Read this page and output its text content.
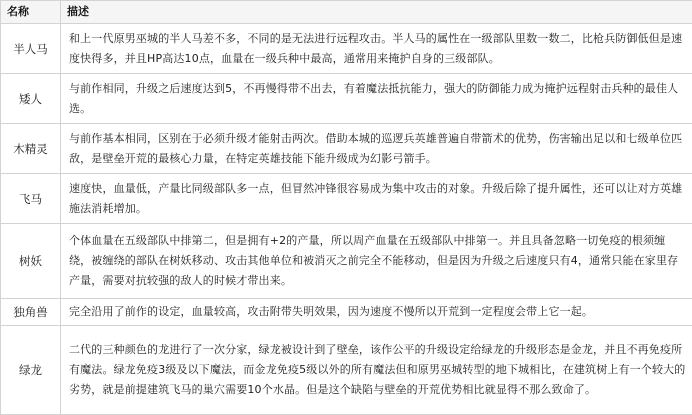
名称	描述
半人马	和上一代原男巫城的半人马差不多，不同的是无法进行远程攻击。半人马的属性在一级部队里数一数二，比枪兵防御低但是速度快得多，并且HP高达10点，血量在一级兵种中最高，通常用来掩护自身的三级部队。
矮人	与前作相同，升级之后速度达到5，不再慢得带不出去，有着魔法抵抗能力，强大的防御能力成为掩护远程射击兵种的最佳人选。
木精灵	与前作基本相同，区别在于必须升级才能射击两次。借助本城的巡逻兵英雄普遍自带箭术的优势，伤害输出足以和七级单位匹敌，是壁垒开荒的最核心力量，在特定英雄技能下能升级成为幻影弓箭手。
飞马	速度快，血量低，产量比同级部队多一点，但冒然冲锋很容易成为集中攻击的对象。升级后除了提升属性，还可以让对方英雄施法消耗增加。
树妖	个体血量在五级部队中排第二，但是拥有+2的产量，所以周产血量在五级部队中排第一。并且具备忽略一切免疫的根须缠绕，被缠绕的部队在树妖移动、攻击其他单位和被消灭之前完全不能移动，但是因为升级之后速度只有4，通常只能在家里存产量，需要对抗较强的敌人的时候才带出来。
独角兽	完全沿用了前作的设定，血量较高，攻击附带失明效果，因为速度不慢所以开荒到一定程度会带上它一起。
绿龙	二代的三种颜色的龙进行了一次分家，绿龙被设计到了壁垒，该作公平的升级设定给绿龙的升级形态是金龙，并且不再免疫所有魔法。绿龙免疫3级及以下魔法，而金龙免疫5级以外的所有魔法但和原男巫城转型的地下城相比，在建筑树上有一个较大的劣势，就是前提建筑飞马的巢穴需要10个水晶。但是这个缺陷与壁垒的开荒优势相比就显得不那么致命了。
